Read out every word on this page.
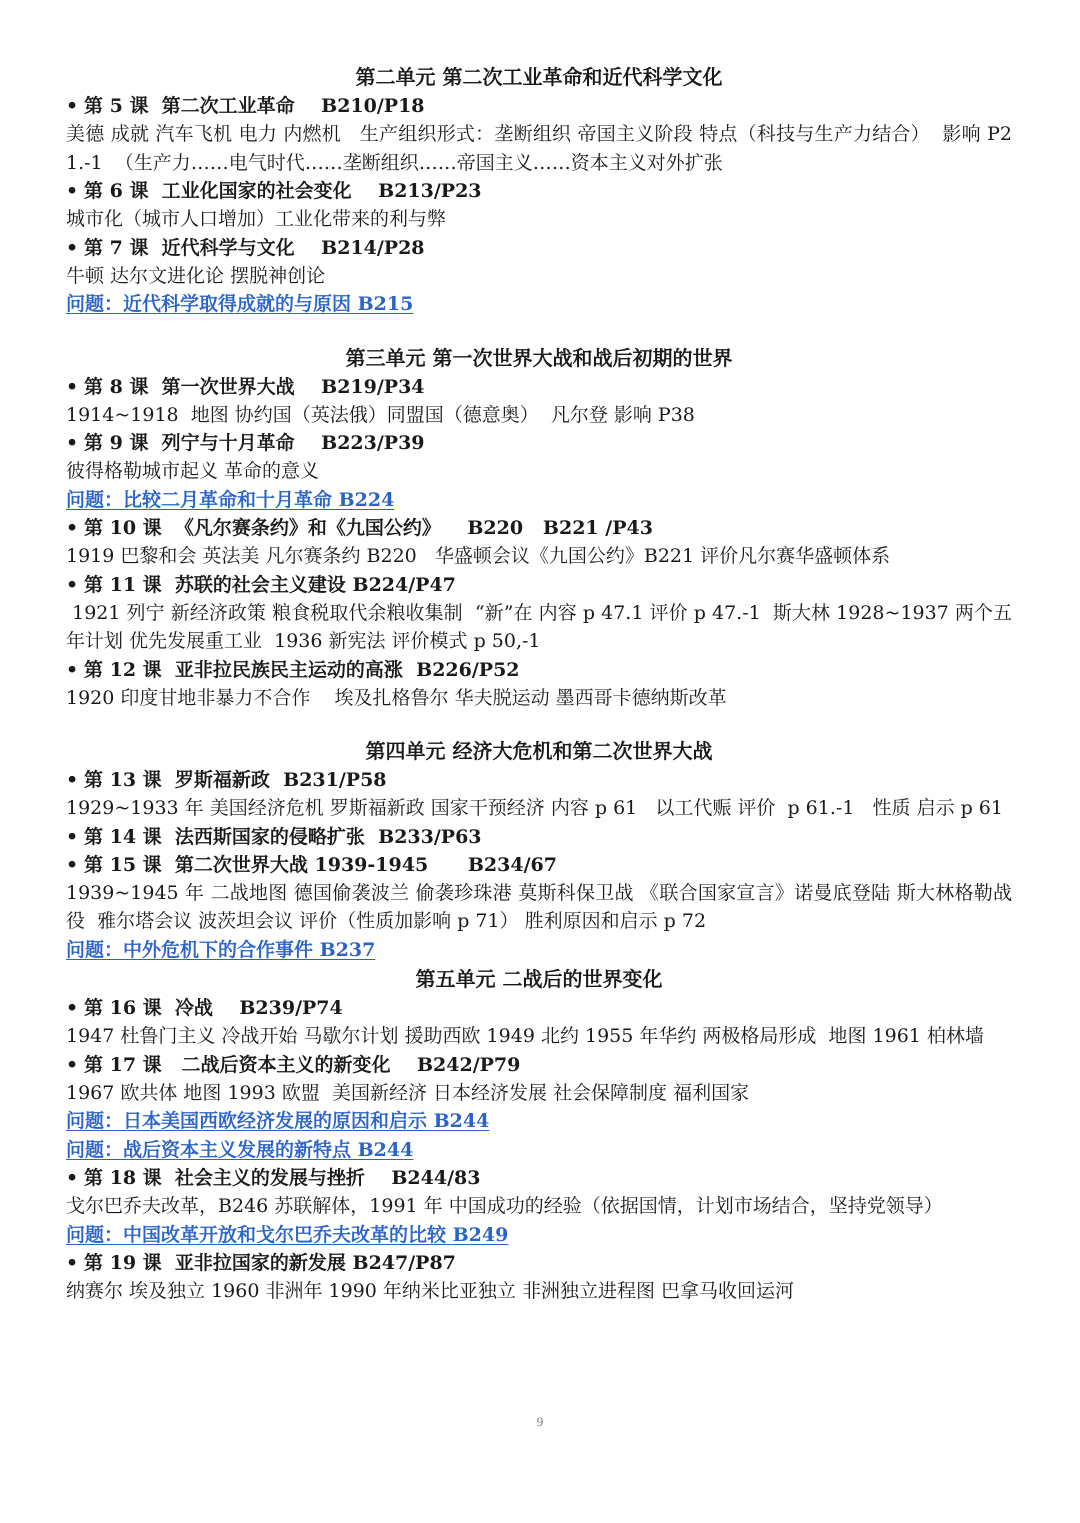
第二单元 第二次工业革命和近代科学文化

• 第 5 课  第二次工业革命    B210/P18

美德 成就 汽车飞机 电力 内燃机   生产组织形式：垄断组织 帝国主义阶段 特点（科技与生产力结合）  影响 P21.-1  （生产力……电气时代……垄断组织……帝国主义……资本主义对外扩张

• 第 6 课  工业化国家的社会变化    B213/P23

城市化（城市人口增加）工业化带来的利与弊

• 第 7 课  近代科学与文化    B214/P28

牛顿 达尔文进化论 摆脱神创论

问题：近代科学取得成就的与原因 B215

第三单元 第一次世界大战和战后初期的世界

• 第 8 课  第一次世界大战    B219/P34

1914~1918  地图 协约国（英法俄）同盟国（德意奥）  凡尔登 影响 P38

• 第 9 课  列宁与十月革命    B223/P39

彼得格勒城市起义 革命的意义

问题：比较二月革命和十月革命 B224

• 第 10 课  《凡尔赛条约》和《九国公约》    B220   B221 /P43

1919 巴黎和会 英法美 凡尔赛条约 B220   华盛顿会议《九国公约》B221 评价凡尔赛华盛顿体系

• 第 11 课  苏联的社会主义建设 B224/P47

1921 列宁 新经济政策 粮食税取代余粮收集制  “新”在 内容 p 47.1 评价 p 47.-1  斯大林 1928~1937 两个五年计划 优先发展重工业  1936 新宪法 评价模式 p 50,-1

• 第 12 课  亚非拉民族民主运动的高涨  B226/P52

1920 印度甘地非暴力不合作    埃及扎格鲁尔 华夫脱运动 墨西哥卡德纳斯改革

第四单元 经济大危机和第二次世界大战

• 第 13 课  罗斯福新政  B231/P58

1929~1933 年 美国经济危机 罗斯福新政 国家干预经济 内容 p 61   以工代赈 评价  p 61.-1   性质 启示 p 61

• 第 14 课  法西斯国家的侵略扩张  B233/P63

• 第 15 课  第二次世界大战 1939-1945      B234/67

1939~1945 年 二战地图 德国偷袭波兰 偷袭珍珠港 莫斯科保卫战 《联合国家宣言》诺曼底登陆 斯大林格勒战役  雅尔塔会议 波茨坦会议 评价（性质加影响 p 71） 胜利原因和启示 p 72

问题：中外危机下的合作事件 B237

第五单元 二战后的世界变化

• 第 16 课  冷战    B239/P74

1947 杜鲁门主义 冷战开始 马歇尔计划 援助西欧 1949 北约 1955 年华约 两极格局形成  地图 1961 柏林墙

• 第 17 课   二战后资本主义的新变化    B242/P79

1967 欧共体 地图 1993 欧盟  美国新经济 日本经济发展 社会保障制度 福利国家

问题：日本美国西欧经济发展的原因和启示 B244

问题：战后资本主义发展的新特点 B244

• 第 18 课  社会主义的发展与挫折    B244/83

戈尔巴乔夫改革，B246 苏联解体，1991 年 中国成功的经验（依据国情，计划市场结合，坚持党领导）

问题：中国改革开放和戈尔巴乔夫改革的比较 B249

• 第 19 课  亚非拉国家的新发展 B247/P87

纳赛尔 埃及独立 1960 非洲年 1990 年纳米比亚独立 非洲独立进程图 巴拿马收回运河

9
